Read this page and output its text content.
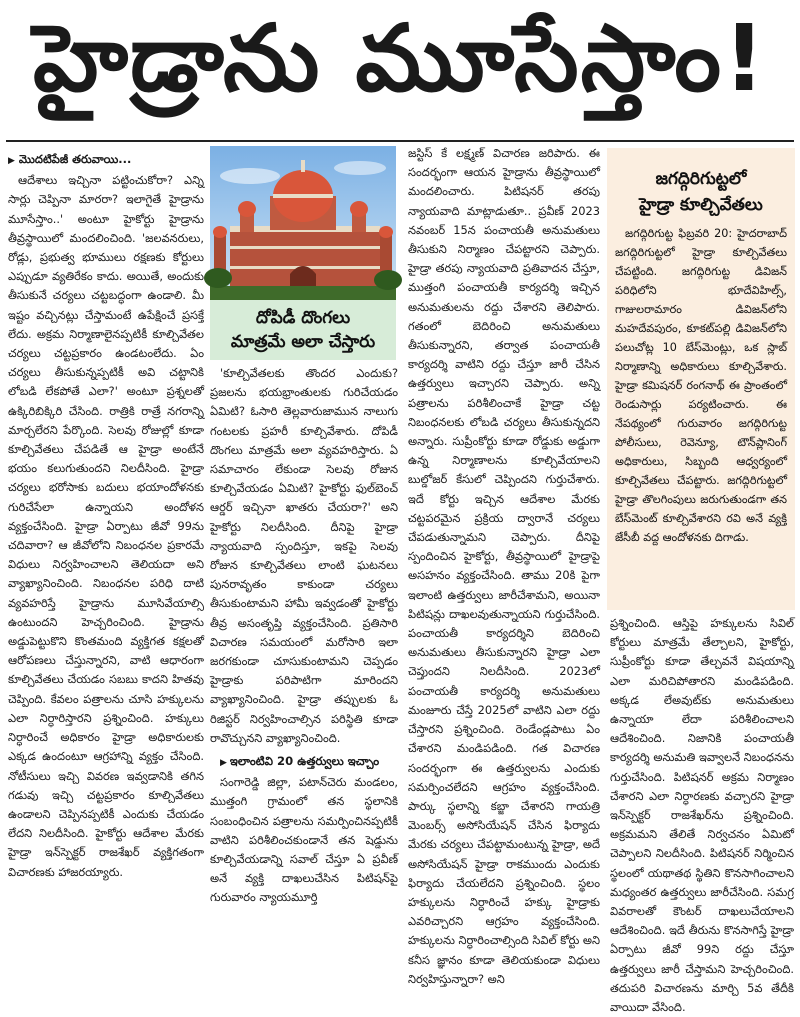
హైడ్రాను మూసేస్తాం!

▶ మొదటిపేజీ తరువాయి...

ఆదేశాలు ఇచ్చినా పట్టించుకోరా? ఎన్ని సార్లు చెప్పినా మారరా? ఇలాగైతే హైడ్రాను మూసేస్తాం..' అంటూ హైకోర్టు హైడ్రాను తీవ్రస్థాయిలో మందలించింది. 'జలవనరులు, రోడ్లు, ప్రభుత్వ భూములు రక్షణకు కోర్టులు ఎప్పుడూ వ్యతిరేకం కాదు. అయితే, అందుకు తీసుకునే చర్యలు చట్టబద్ధంగా ఉండాలి. మీ ఇష్టం వచ్చినట్లు చేస్తామంటే ఉపేక్షించే ప్రసక్తే లేదు. అక్రమ నిర్మాణాలైనప్పటికీ కూల్చివేతల చర్యలు చట్టప్రకారం ఉండటంలేదు. ఏం చర్యలు తీసుకున్నప్పటికీ అవి చట్టానికి లోబడి లేకపోతే ఎలా?' అంటూ ప్రశ్నలతో ఉక్కిరిబిక్కిరి చేసింది. రాత్రికి రాత్రే నగరాన్ని మార్చలేరని పేర్కొంది. సెలవు రోజుల్లో కూడా కూల్చివేతలు చేపడితే ఆ హైడ్రా అంటేనే భయం కలుగుతుందని నిలదీసింది. హైడ్రా చర్యలు భరోసాకు బదులు భయాందోళనకు గురిచేసేలా ఉన్నాయని అందోళన వ్యక్తంచేసింది. హైడ్రా ఏర్పాటు జీవో 99ను చదివారా? ఆ జీవోలోని నిబంధనల ప్రకారమే విధులు నిర్వహించాలని తెలియదా అని వ్యాఖ్యానించింది. నిబంధనల పరిధి దాటి వ్యవహరిస్తే హైడ్రాను మూసివేయాల్సి ఉంటుందని హెచ్చరించింది. హైడ్రాను అడ్డుపెట్టుకొని కొంతమంది వ్యక్తిగత కక్షలతో ఆరోపణలు చేస్తున్నారని, వాటి ఆధారంగా కూల్చివేతలు చేయడం సబబు కాదని హితవు చెప్పింది. కేవలం పత్రాలను చూసి హక్కులను ఎలా నిర్ధారిస్తారని ప్రశ్నించింది. హక్కులు నిర్ధారించే అధికారం హైడ్రా అధికారులకు ఎక్కడ ఉందంటూ ఆగ్రహాన్ని వ్యక్తం చేసింది. నోటీసులు ఇచ్చి వివరణ ఇవ్వడానికి తగిన గడువు ఇచ్చి చట్టప్రకారం కూల్చివేతలు ఉండాలని చెప్పినప్పటికీ ఎందుకు చేయడం లేదని నిలదీసింది. హైకోర్టు ఆదేశాల మేరకు హైడ్రా ఇన్‌స్పెక్టర్ రాజశేఖర్ వ్యక్తిగతంగా విచారణకు హాజరయ్యారు.

దోపిడీ దొంగలు
మాత్రమే అలా చేస్తారు

'కూల్చివేతలకు తొందర ఎందుకు? ప్రజలను భయభ్రాంతులకు గురిచేయడం ఏమిటి? ఓసారి తెల్లవారుజామున నాలుగు గంటలకు ప్రహరీ కూల్చివేశారు. దోపిడీ దొంగలు మాత్రమే అలా వ్యవహరిస్తారు. ఏ సమాచారం లేకుండా సెలవు రోజున కూల్చివేయడం ఏమిటి? హైకోర్టు ఫుల్‌బెంచ్ ఆర్డర్ ఇచ్చినా ఖాతరు చేయరా?' అని హైకోర్టు నిలదీసింది. దీనిపై హైడ్రా న్యాయవాది స్పందిస్తూ, ఇకపై సెలవు రోజున కూల్చివేతలు లాంటి ఘటనలు పునరావృతం కాకుండా చర్యలు తీసుకుంటామని హామీ ఇవ్వడంతో హైకోర్టు తీవ్ర అసంతృప్తి వ్యక్తంచేసింది. ప్రతిసారి విచారణ సమయంలో మరోసారి ఇలా జరగకుండా చూసుకుంటామని చెప్పడం హైడ్రాకు పరిపాటిగా మారిందని వ్యాఖ్యానించింది. హైడ్రా తప్పులకు ఓ రిజిస్టర్ నిర్వహించాల్సిన పరిస్థితి కూడా రావొచ్చునని వ్యాఖ్యానించింది.

▶ ఇలాంటివి 20 ఉత్తర్వులు ఇచ్చాం

సంగారెడ్డి జిల్లా, పటాన్‌చెరు మండలం, ముత్తంగి గ్రామంలో తన స్థలానికి సంబంధించిన పత్రాలను సమర్పించినప్పటికీ వాటిని పరిశీలించకుండానే తన షెడ్డును కూల్చివేయడాన్ని సవాల్ చేస్తూ ఏ ప్రవీణ్ అనే వ్యక్తి దాఖలుచేసిన పిటిషన్‌పై గురువారం న్యాయమూర్తి

జస్టిస్ కే లక్ష్మణ్ విచారణ జరిపారు. ఈ సందర్భంగా ఆయన హైడ్రాను తీవ్రస్థాయిలో మందలించారు. పిటిషనర్ తరపు న్యాయవాది మాట్లాడుతూ.. ప్రవీణ్ 2023 నవంబర్ 15న పంచాయతీ అనుమతులు తీసుకుని నిర్మాణం చేపట్టారని చెప్పారు. హైడ్రా తరపు న్యాయవాది ప్రతివాదన చేస్తూ, ముత్తంగి పంచాయతీ కార్యదర్శి ఇచ్చిన అనుమతులను రద్దు చేశారని తెలిపారు. గతంలో బెదిరించి అనుమతులు తీసుకున్నారని, తర్వాత పంచాయతీ కార్యదర్శి వాటిని రద్దు చేస్తూ జారీ చేసిన ఉత్తర్వులు ఇచ్చారని చెప్పారు. అన్ని పత్రాలను పరిశీలించాకే హైడ్రా చట్ట నిబంధనలకు లోబడి చర్యలు తీసుకున్నదని అన్నారు. సుప్రీంకోర్టు కూడా రోడ్డుకు అడ్డుగా ఉన్న నిర్మాణాలను కూల్చివేయాలని బుల్డోజర్ కేసులో చెప్పిందని గుర్తుచేశారు. ఇదే కోర్టు ఇచ్చిన ఆదేశాల మేరకు చట్టపరమైన ప్రక్రియ ద్వారానే చర్యలు చేపడుతున్నామని చెప్పారు. దీనిపై స్పందించిన హైకోర్టు, తీవ్రస్థాయిలో హైడ్రాపై అసహనం వ్యక్తంచేసింది. తాము 20కి పైగా ఇలాంటి ఉత్తర్వులు జారీచేశామని, అయినా పిటిషన్లు దాఖలవుతున్నాయని గుర్తుచేసింది. పంచాయతీ కార్యదర్శిని బెదిరించి అనుమతులు తీసుకున్నారని హైడ్రా ఎలా చెప్తుందని నిలదీసింది. 2023లో పంచాయతీ కార్యదర్శి అనుమతులు మంజూరు చేస్తే 2025లో వాటిని ఎలా రద్దు చేస్తారని ప్రశ్నించింది. రెండేండ్లపాటు ఏం చేశారని మండిపడింది. గత విచారణ సందర్భంగా ఈ ఉత్తర్వులను ఎందుకు సమర్పించలేదని ఆగ్రహం వ్యక్తంచేసింది. పార్కు స్థలాన్ని కబ్జా చేశారని గాయత్రి మెంబర్స్ అసోసియేషన్ చేసిన ఫిర్యాదు మేరకు చర్యలు చేపట్టామంటున్న హైడ్రా, అదే అసోసియేషన్ హైడ్రా రాకముందు ఎందుకు ఫిర్యాదు చేయలేదని ప్రశ్నించింది. స్థలం హక్కులను నిర్ధారించే హక్కు హైడ్రాకు ఎవరిచ్చారని ఆగ్రహం వ్యక్తంచేసింది. హక్కులను నిర్ధారించాల్సింది సివిల్ కోర్టు అని కనీస జ్ఞానం కూడా తెలియకుండా విధులు నిర్వహిస్తున్నారా? అని

జగద్గిరిగుట్టలో
హైడ్రా కూల్చివేతలు
జగద్గిరిగుట్ట ఫిబ్రవరి 20: హైదరాబాద్ జగద్గిరిగుట్టలో హైడ్రా కూల్చివేతలు చేపట్టింది. జగద్గిరిగుట్ట డివిజన్ పరిధిలోని భూదేవిహిల్స్, గాజులరామారం డివిజన్‌లోని మహదేవపురం, కూకట్‌పల్లి డివిజన్‌లోని పలుచోట్ల 10 బేస్‌మెంట్లు, ఒక స్లాబ్ నిర్మాణాన్ని అధికారులు కూల్చివేశారు. హైడ్రా కమిషనర్ రంగనాథ్ ఈ ప్రాంతంలో రెండుసార్లు పర్యటించారు. ఈ నేపథ్యంలో గురువారం జగద్గిరిగుట్ట పోలీసులు, రెవెన్యూ, టౌన్‌ప్లానింగ్ అధికారులు, సిబ్బంది ఆధ్వర్యంలో కూల్చివేతలు చేపట్టారు. జగద్గిరిగుట్టలో హైడ్రా తొలగింపులు జరుగుతుండగా తన బేస్‌మెంట్ కూల్చివేశారని రవి అనే వ్యక్తి జేసీబీ వద్ద ఆందోళనకు దిగాడు.

ప్రశ్నించింది. ఆస్తిపై హక్కులను సివిల్ కోర్టులు మాత్రమే తేల్చాలని, హైకోర్టు, సుప్రీంకోర్టు కూడా తేల్చవనే విషయాన్ని ఎలా మరిచిపోతారని మండిపడింది. అక్కడ లేఅవుట్‌కు అనుమతులు ఉన్నాయా లేదా పరిశీలించాలని ఆదేశించింది. నిజానికి పంచాయతీ కార్యదర్శి అనుమతి ఇవ్వాలనే నిబంధనను గుర్తుచేసింది. పిటిషనర్ అక్రమ నిర్మాణం చేశారని ఎలా నిర్ధారణకు వచ్చారని హైడ్రా ఇన్‌స్పెక్టర్ రాజశేఖర్‌ను ప్రశ్నించింది. అక్రమమని తేలితే నిర్వచనం ఏమిటో చెప్పాలని నిలదీసింది. పిటిషనర్ నిర్మించిన స్థలంలో యథాతథ స్థితిని కొనసాగించాలని మధ్యంతర ఉత్తర్వులు జారీచేసింది. సమగ్ర వివరాలతో కౌంటర్ దాఖలుచేయాలని ఆదేశించింది. ఇదే తీరును కొనసాగిస్తే హైడ్రా ఏర్పాటు జీవో 99ని రద్దు చేస్తూ ఉత్తర్వులు జారీ చేస్తామని హెచ్చరించింది. తదుపరి విచారణను మార్చి 5వ తేదీకి వాయిదా వేసింది.
